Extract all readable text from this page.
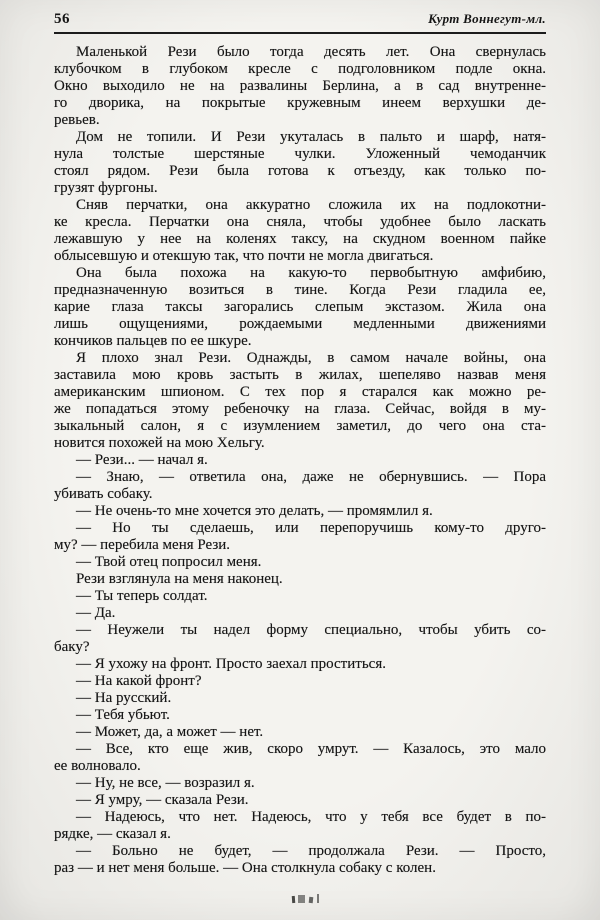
56	Курт Воннегут-мл.

Маленькой Рези было тогда десять лет. Она свернулась
клубочком в глубоком кресле с подголовником подле окна.
Окно выходило не на развалины Берлина, а в сад внутренне-
го дворика, на покрытые кружевным инеем верхушки де-
ревьев.

Дом не топили. И Рези укуталась в пальто и шарф, натя-
нула толстые шерстяные чулки. Уложенный чемоданчик
стоял рядом. Рези была готова к отъезду, как только по-
грузят фургоны.

Сняв перчатки, она аккуратно сложила их на подлокотни-
ке кресла. Перчатки она сняла, чтобы удобнее было ласкать
лежавшую у нее на коленях таксу, на скудном военном пайке
облысевшую и отекшую так, что почти не могла двигаться.

Она была похожа на какую-то первобытную амфибию,
предназначенную возиться в тине. Когда Рези гладила ее,
карие глаза таксы загорались слепым экстазом. Жила она
лишь ощущениями, рождаемыми медленными движениями
кончиков пальцев по ее шкуре.

Я плохо знал Рези. Однажды, в самом начале войны, она
заставила мою кровь застыть в жилах, шепеляво назвав меня
американским шпионом. С тех пор я старался как можно ре-
же попадаться этому ребеночку на глаза. Сейчас, войдя в му-
зыкальный салон, я с изумлением заметил, до чего она ста-
новится похожей на мою Хельгу.

— Рези... — начал я.

— Знаю, — ответила она, даже не обернувшись. — Пора
убивать собаку.

— Не очень-то мне хочется это делать, — промямлил я.

— Но ты сделаешь, или перепоручишь кому-то друго-
му? — перебила меня Рези.

— Твой отец попросил меня.

Рези взглянула на меня наконец.

— Ты теперь солдат.

— Да.

— Неужели ты надел форму специально, чтобы убить со-
баку?

— Я ухожу на фронт. Просто заехал проститься.

— На какой фронт?

— На русский.

— Тебя убьют.

— Может, да, а может — нет.

— Все, кто еще жив, скоро умрут. — Казалось, это мало
ее волновало.

— Ну, не все, — возразил я.

— Я умру, — сказала Рези.

— Надеюсь, что нет. Надеюсь, что у тебя все будет в по-
рядке, — сказал я.

— Больно не будет, — продолжала Рези. — Просто,
раз — и нет меня больше. — Она столкнула собаку с колен.
